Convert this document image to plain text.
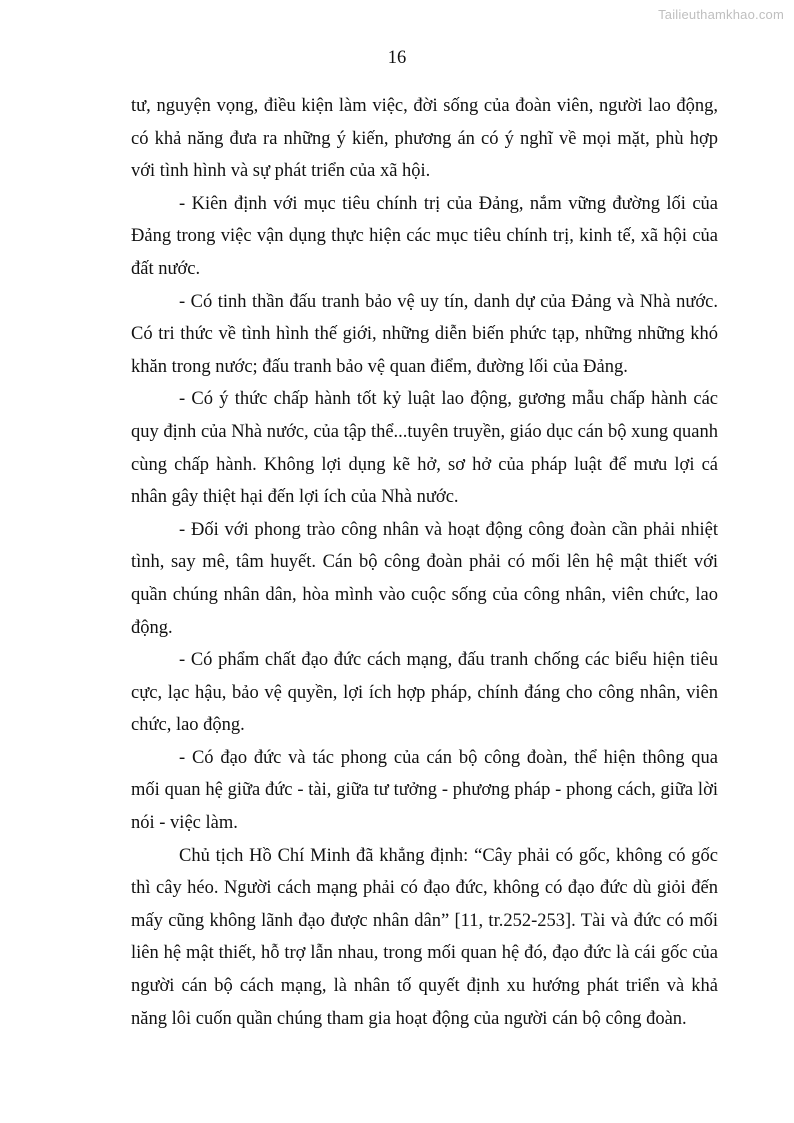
Tailieuthamkhao.com
16

tư, nguyện vọng, điều kiện làm việc, đời sống của đoàn viên, người lao động, có khả năng đưa ra những ý kiến, phương án có ý nghĩ về mọi mặt, phù hợp với tình hình và sự phát triển của xã hội.

- Kiên định với mục tiêu chính trị của Đảng, nắm vững đường lối của Đảng trong việc vận dụng thực hiện các mục tiêu chính trị, kinh tế, xã hội của đất nước.

- Có tinh thần đấu tranh bảo vệ uy tín, danh dự của Đảng và Nhà nước. Có tri thức về tình hình thế giới, những diễn biến phức tạp, những những khó khăn trong nước; đấu tranh bảo vệ quan điểm, đường lối của Đảng.

- Có ý thức chấp hành tốt kỷ luật lao động, gương mẫu chấp hành các quy định của Nhà nước, của tập thể...tuyên truyền, giáo dục cán bộ xung quanh cùng chấp hành. Không lợi dụng kẽ hở, sơ hở của pháp luật để mưu lợi cá nhân gây thiệt hại đến lợi ích của Nhà nước.

- Đối với phong trào công nhân và hoạt động công đoàn cần phải nhiệt tình, say mê, tâm huyết. Cán bộ công đoàn phải có mối lên hệ mật thiết với quần chúng nhân dân, hòa mình vào cuộc sống của công nhân, viên chức, lao động.

- Có phẩm chất đạo đức cách mạng, đấu tranh chống các biểu hiện tiêu cực, lạc hậu, bảo vệ quyền, lợi ích hợp pháp, chính đáng cho công nhân, viên chức, lao động.

- Có đạo đức và tác phong của cán bộ công đoàn, thể hiện thông qua mối quan hệ giữa đức - tài, giữa tư tưởng - phương pháp - phong cách, giữa lời nói - việc làm.

Chủ tịch Hồ Chí Minh đã khẳng định: “Cây phải có gốc, không có gốc thì cây héo. Người cách mạng phải có đạo đức, không có đạo đức dù giỏi đến mấy cũng không lãnh đạo được nhân dân” [11, tr.252-253]. Tài và đức có mối liên hệ mật thiết, hỗ trợ lẫn nhau, trong mối quan hệ đó, đạo đức là cái gốc của người cán bộ cách mạng, là nhân tố quyết định xu hướng phát triển và khả năng lôi cuốn quần chúng tham gia hoạt động của người cán bộ công đoàn.
